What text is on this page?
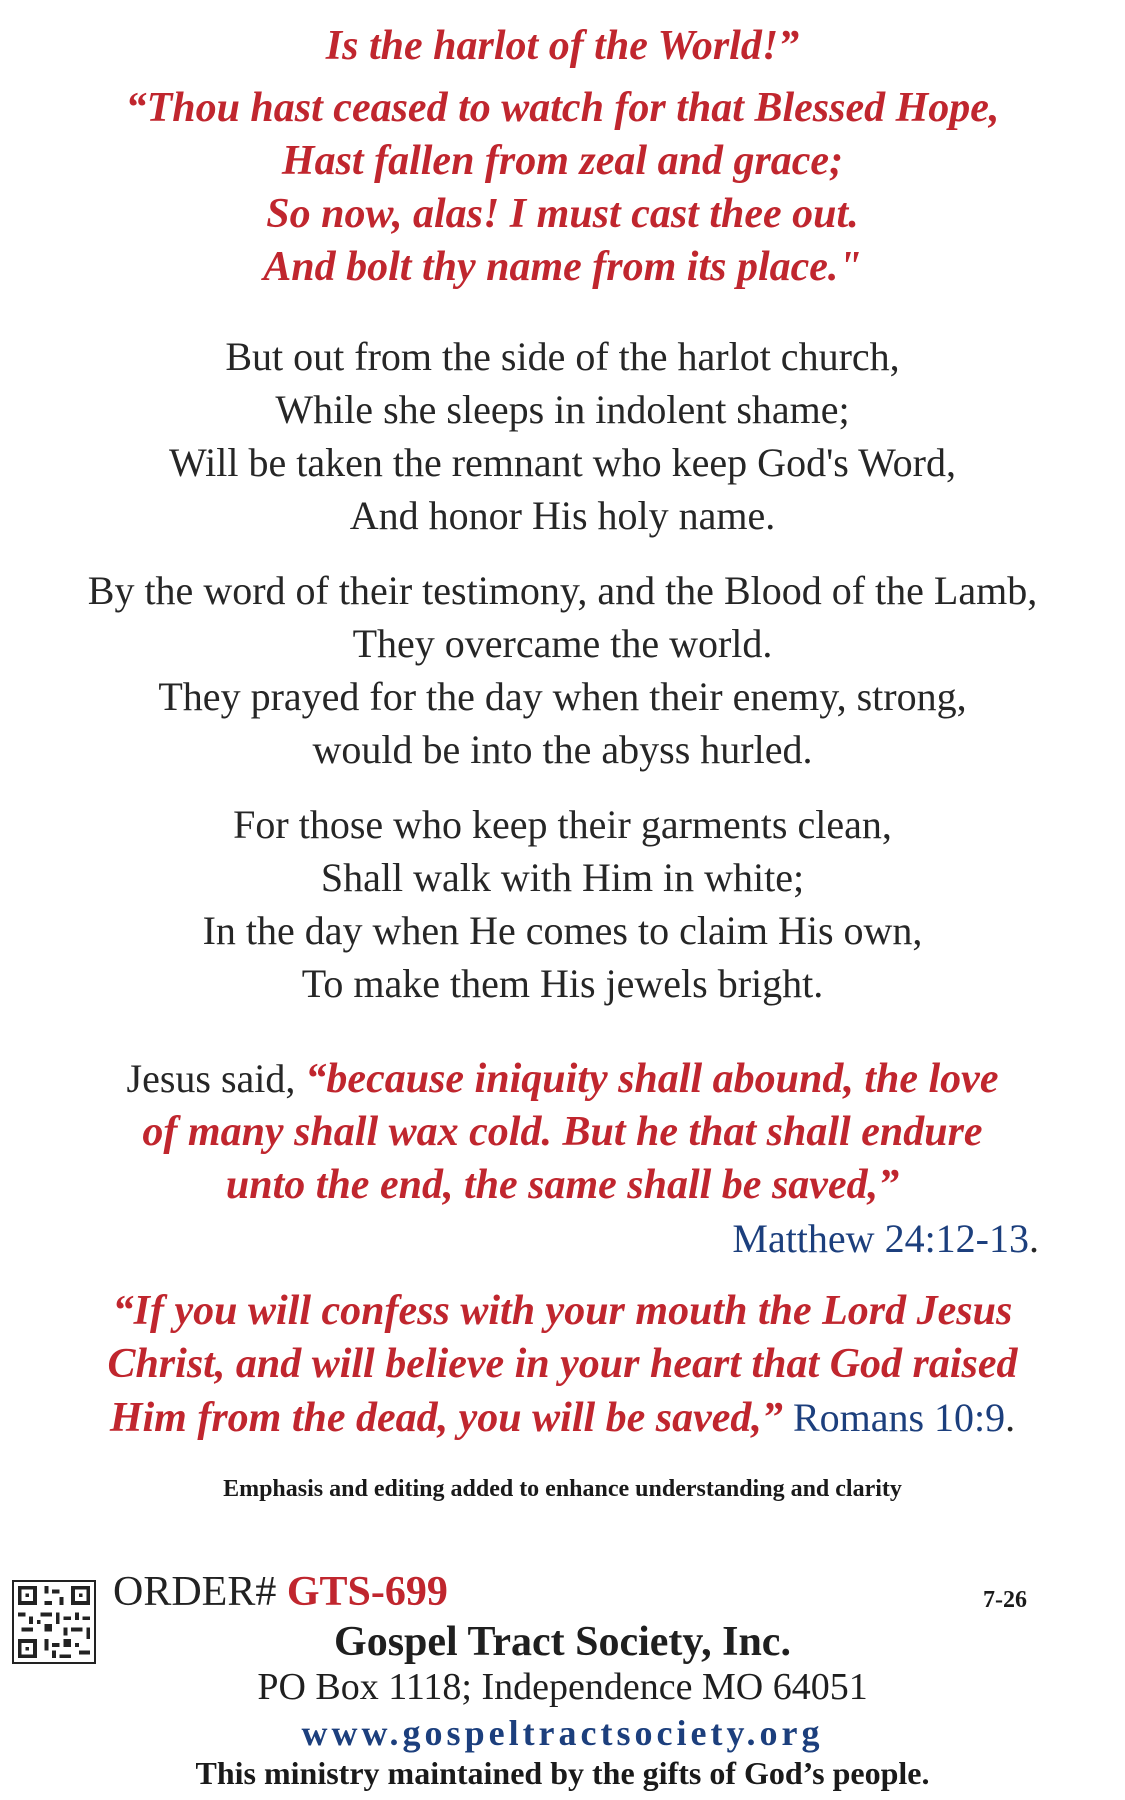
Is the harlot of the World!”
“Thou hast ceased to watch for that Blessed Hope,
Hast fallen from zeal and grace;
So now, alas! I must cast thee out.
And bolt thy name from its place."
But out from the side of the harlot church,
While she sleeps in indolent shame;
Will be taken the remnant who keep God's Word,
And honor His holy name.
By the word of their testimony, and the Blood of the Lamb,
They overcame the world.
They prayed for the day when their enemy, strong,
would be into the abyss hurled.
For those who keep their garments clean,
Shall walk with Him in white;
In the day when He comes to claim His own,
To make them His jewels bright.
Jesus said, “because iniquity shall abound, the love
of many shall wax cold. But he that shall endure
unto the end, the same shall be saved,”
Matthew 24:12-13.
“If you will confess with your mouth the Lord Jesus
Christ, and will believe in your heart that God raised
Him from the dead, you will be saved,” Romans 10:9.
Emphasis and editing added to enhance understanding and clarity
ORDER# GTS-699	7-26
Gospel Tract Society, Inc.
PO Box 1118; Independence MO 64051
www.gospeltractsociety.org
This ministry maintained by the gifts of God’s people.
